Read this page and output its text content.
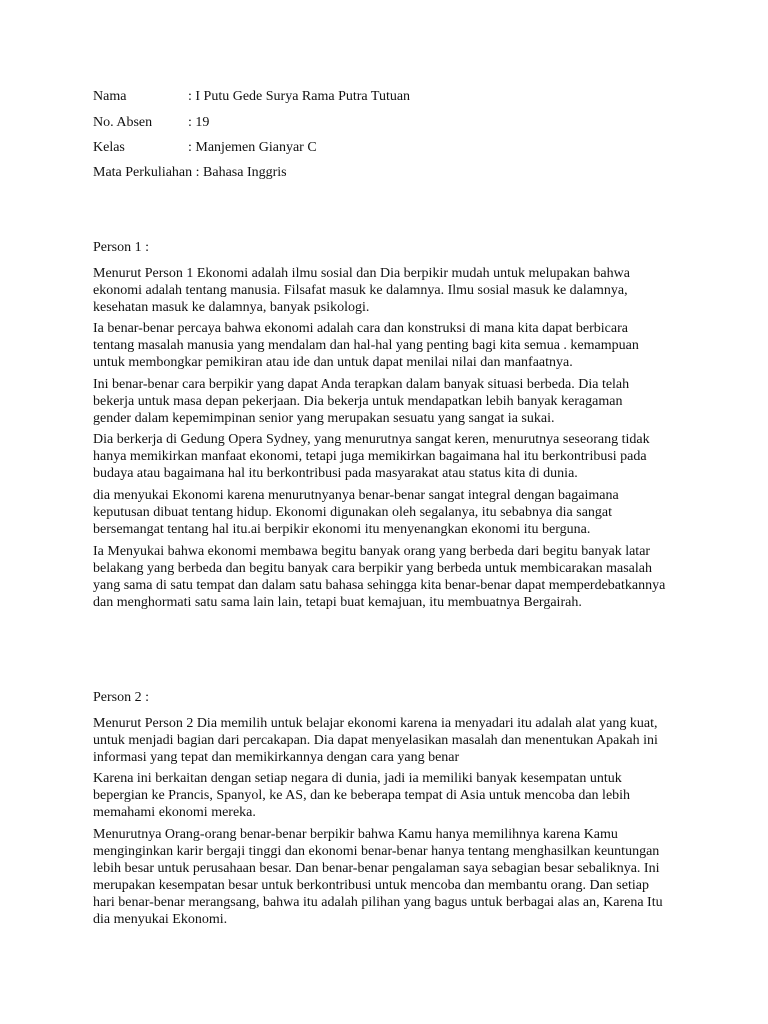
Nama	: I Putu Gede Surya Rama Putra Tutuan
No. Absen	: 19
Kelas	: Manjemen Gianyar C
Mata Perkuliahan : Bahasa Inggris
Person 1 :

Menurut Person 1 Ekonomi adalah ilmu sosial dan Dia berpikir mudah untuk melupakan bahwa
ekonomi adalah tentang manusia. Filsafat masuk ke dalamnya. Ilmu sosial masuk ke dalamnya,
kesehatan masuk ke dalamnya, banyak psikologi.

Ia benar-benar percaya bahwa ekonomi adalah cara dan konstruksi di mana kita dapat berbicara
tentang masalah manusia yang mendalam dan hal-hal yang penting bagi kita semua . kemampuan
untuk membongkar pemikiran atau ide dan untuk dapat menilai nilai dan manfaatnya.

Ini benar-benar cara berpikir yang dapat Anda terapkan dalam banyak situasi berbeda. Dia telah
bekerja untuk masa depan pekerjaan. Dia bekerja untuk mendapatkan lebih banyak keragaman
gender dalam kepemimpinan senior yang merupakan sesuatu yang sangat ia sukai.

Dia berkerja di Gedung Opera Sydney, yang menurutnya sangat keren, menurutnya seseorang tidak
hanya memikirkan manfaat ekonomi, tetapi juga memikirkan bagaimana hal itu berkontribusi pada
budaya atau bagaimana hal itu berkontribusi pada masyarakat atau status kita di dunia.

dia menyukai Ekonomi karena menurutnyanya benar-benar sangat integral dengan bagaimana
keputusan dibuat tentang hidup. Ekonomi digunakan oleh segalanya, itu sebabnya dia sangat
bersemangat tentang hal itu.ai berpikir ekonomi itu menyenangkan ekonomi itu berguna.

Ia Menyukai bahwa ekonomi membawa begitu banyak orang yang berbeda dari begitu banyak latar
belakang yang berbeda dan begitu banyak cara berpikir yang berbeda untuk membicarakan masalah
yang sama di satu tempat dan dalam satu bahasa sehingga kita benar-benar dapat memperdebatkannya
dan menghormati satu sama lain lain, tetapi buat kemajuan, itu membuatnya Bergairah.

Person 2 :

Menurut Person 2 Dia memilih untuk belajar ekonomi karena ia menyadari itu adalah alat yang kuat,
untuk menjadi bagian dari percakapan. Dia dapat menyelasikan masalah dan menentukan Apakah ini
informasi yang tepat dan memikirkannya dengan cara yang benar

Karena ini berkaitan dengan setiap negara di dunia, jadi ia memiliki banyak kesempatan untuk
bepergian ke Prancis, Spanyol, ke AS, dan ke beberapa tempat di Asia untuk mencoba dan lebih
memahami ekonomi mereka.

Menurutnya Orang-orang benar-benar berpikir bahwa Kamu hanya memilihnya karena Kamu
menginginkan karir bergaji tinggi dan ekonomi benar-benar hanya tentang menghasilkan keuntungan
lebih besar untuk perusahaan besar. Dan benar-benar pengalaman saya sebagian besar sebaliknya. Ini
merupakan kesempatan besar untuk berkontribusi untuk mencoba dan membantu orang. Dan setiap
hari benar-benar merangsang, bahwa itu adalah pilihan yang bagus untuk berbagai alas an, Karena Itu
dia menyukai Ekonomi.
